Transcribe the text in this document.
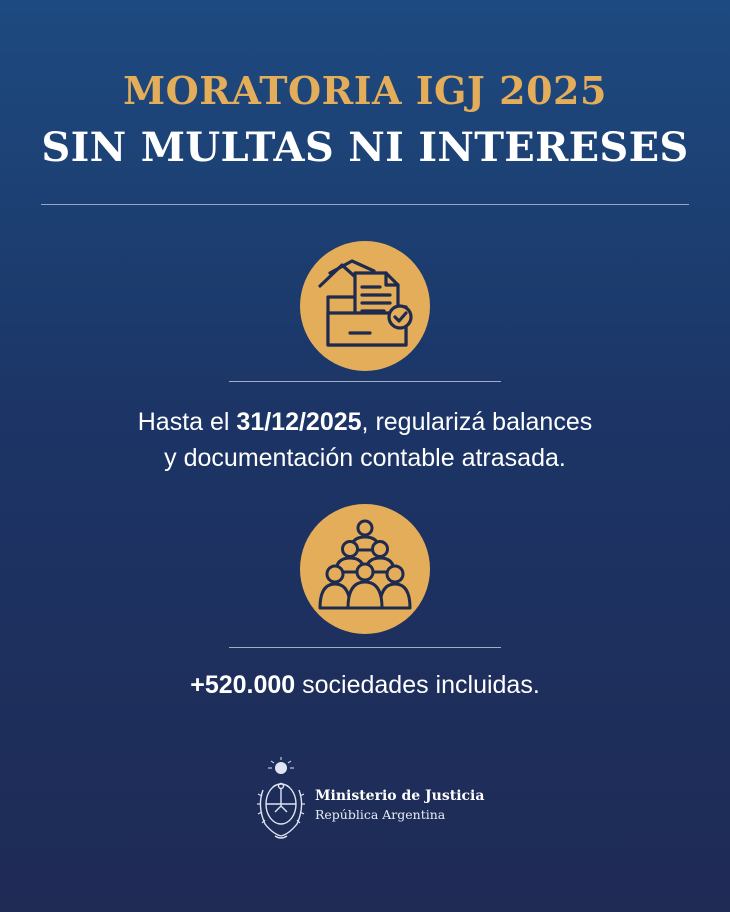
MORATORIA IGJ 2025
SIN MULTAS NI INTERESES
Hasta el 31/12/2025, regularizá balances
y documentación contable atrasada.
+520.000 sociedades incluidas.
Ministerio de Justicia
República Argentina
